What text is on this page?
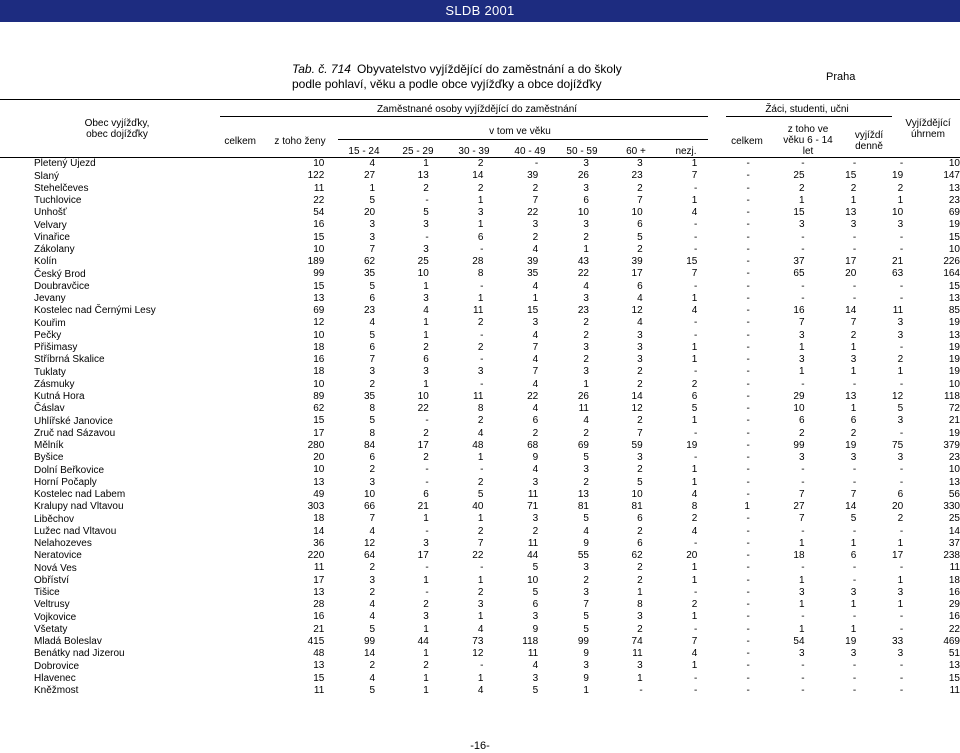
SLDB 2001
Tab. č. 714 Obyvatelstvo vyjíždějící do zaměstnání a do školy
podle pohlaví, věku a podle obce vyjížďky a obce dojížďky	Praha
Obec vyjížďky,
obec dojížďky
Zaměstnané osoby vyjíždějící do zaměstnání
celkem	z toho ženy
v tom ve věku
15 - 24	25 - 29	30 - 39	40 - 49	50 - 59	60 +	nezj.
Žáci, studenti, učni
celkem
z toho ve
věku 6 - 14
let
vyjíždí
denně
Vyjíždějící
úhrnem
Pletený Újezd	10	4	1	2	-	3	3	1	-	-	-	-	10
Slaný	122	27	13	14	39	26	23	7	-	25	15	19	147
Stehelčeves	11	1	2	2	2	3	2	-	-	2	2	2	13
Tuchlovice	22	5	-	1	7	6	7	1	-	1	1	1	23
Unhošť	54	20	5	3	22	10	10	4	-	15	13	10	69
Velvary	16	3	3	1	3	3	6	-	-	3	3	3	19
Vinařice	15	3	-	6	2	2	5	-	-	-	-	-	15
Zákolany	10	7	3	-	4	1	2	-	-	-	-	-	10
Kolín	189	62	25	28	39	43	39	15	-	37	17	21	226
Český Brod	99	35	10	8	35	22	17	7	-	65	20	63	164
Doubravčice	15	5	1	-	4	4	6	-	-	-	-	-	15
Jevany	13	6	3	1	1	3	4	1	-	-	-	-	13
Kostelec nad Černými Lesy	69	23	4	11	15	23	12	4	-	16	14	11	85
Kouřim	12	4	1	2	3	2	4	-	-	7	7	3	19
Pečky	10	5	1	-	4	2	3	-	-	3	2	3	13
Přišimasy	18	6	2	2	7	3	3	1	-	1	1	-	19
Stříbrná Skalice	16	7	6	-	4	2	3	1	-	3	3	2	19
Tuklaty	18	3	3	3	7	3	2	-	-	1	1	1	19
Zásmuky	10	2	1	-	4	1	2	2	-	-	-	-	10
Kutná Hora	89	35	10	11	22	26	14	6	-	29	13	12	118
Čáslav	62	8	22	8	4	11	12	5	-	10	1	5	72
Uhlířské Janovice	15	5	-	2	6	4	2	1	-	6	6	3	21
Zruč nad Sázavou	17	8	2	4	2	2	7	-	-	2	2	-	19
Mělník	280	84	17	48	68	69	59	19	-	99	19	75	379
Byšice	20	6	2	1	9	5	3	-	-	3	3	3	23
Dolní Beřkovice	10	2	-	-	4	3	2	1	-	-	-	-	10
Horní Počaply	13	3	-	2	3	2	5	1	-	-	-	-	13
Kostelec nad Labem	49	10	6	5	11	13	10	4	-	7	7	6	56
Kralupy nad Vltavou	303	66	21	40	71	81	81	8	1	27	14	20	330
Liběchov	18	7	1	1	3	5	6	2	-	7	5	2	25
Lužec nad Vltavou	14	4	-	2	2	4	2	4	-	-	-	-	14
Nelahozeves	36	12	3	7	11	9	6	-	-	1	1	1	37
Neratovice	220	64	17	22	44	55	62	20	-	18	6	17	238
Nová Ves	11	2	-	-	5	3	2	1	-	-	-	-	11
Obříství	17	3	1	1	10	2	2	1	-	1	-	1	18
Tišice	13	2	-	2	5	3	1	-	-	3	3	3	16
Veltrusy	28	4	2	3	6	7	8	2	-	1	1	1	29
Vojkovice	16	4	3	1	3	5	3	1	-	-	-	-	16
Všetaty	21	5	1	4	9	5	2	-	-	1	1	-	22
Mladá Boleslav	415	99	44	73	118	99	74	7	-	54	19	33	469
Benátky nad Jizerou	48	14	1	12	11	9	11	4	-	3	3	3	51
Dobrovice	13	2	2	-	4	3	3	1	-	-	-	-	13
Hlavenec	15	4	1	1	3	9	1	-	-	-	-	-	15
Kněžmost	11	5	1	4	5	1	-	-	-	-	-	-	11
-16-
